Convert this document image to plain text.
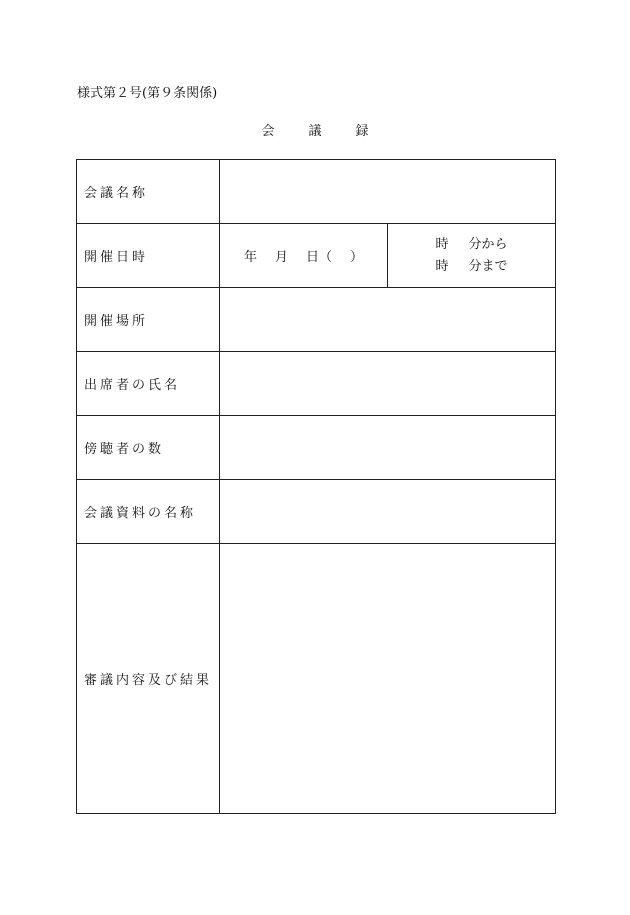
様式第２号(第９条関係)
会	議	録
会議名称		
開催日時	年 月 日（ ）	時 分から
時 分まで

開催場所		
出席者の氏名		
傍聴者の数		
会議資料の名称		
審議内容及び結果		
